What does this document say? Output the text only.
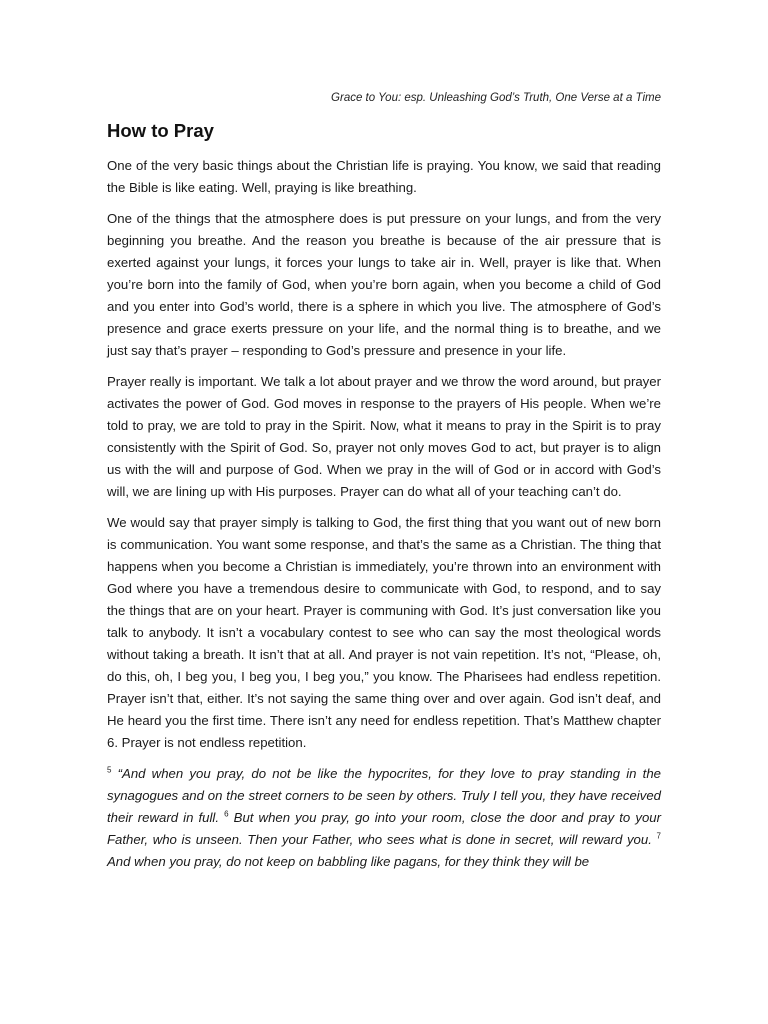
Grace to You: esp. Unleashing God’s Truth, One Verse at a Time

How to Pray

One of the very basic things about the Christian life is praying. You know, we said that reading the Bible is like eating. Well, praying is like breathing.

One of the things that the atmosphere does is put pressure on your lungs, and from the very beginning you breathe. And the reason you breathe is because of the air pressure that is exerted against your lungs, it forces your lungs to take air in. Well, prayer is like that. When you’re born into the family of God, when you’re born again, when you become a child of God and you enter into God’s world, there is a sphere in which you live. The atmosphere of God’s presence and grace exerts pressure on your life, and the normal thing is to breathe, and we just say that’s prayer – responding to God’s pressure and presence in your life.

Prayer really is important. We talk a lot about prayer and we throw the word around, but prayer activates the power of God. God moves in response to the prayers of His people. When we’re told to pray, we are told to pray in the Spirit. Now, what it means to pray in the Spirit is to pray consistently with the Spirit of God. So, prayer not only moves God to act, but prayer is to align us with the will and purpose of God. When we pray in the will of God or in accord with God’s will, we are lining up with His purposes. Prayer can do what all of your teaching can’t do.

We would say that prayer simply is talking to God, the first thing that you want out of new born is communication. You want some response, and that’s the same as a Christian. The thing that happens when you become a Christian is immediately, you’re thrown into an environment with God where you have a tremendous desire to communicate with God, to respond, and to say the things that are on your heart. Prayer is communing with God. It’s just conversation like you talk to anybody. It isn’t a vocabulary contest to see who can say the most theological words without taking a breath. It isn’t that at all. And prayer is not vain repetition. It’s not, “Please, oh, do this, oh, I beg you, I beg you, I beg you,” you know. The Pharisees had endless repetition. Prayer isn’t that, either. It’s not saying the same thing over and over again. God isn’t deaf, and He heard you the first time. There isn’t any need for endless repetition. That’s Matthew chapter 6. Prayer is not endless repetition.

$^5$ “And when you pray, do not be like the hypocrites, for they love to pray standing in the synagogues and on the street corners to be seen by others. Truly I tell you, they have received their reward in full. $^6$ But when you pray, go into your room, close the door and pray to your Father, who is unseen. Then your Father, who sees what is done in secret, will reward you. $^7$ And when you pray, do not keep on babbling like pagans, for they think they will be
